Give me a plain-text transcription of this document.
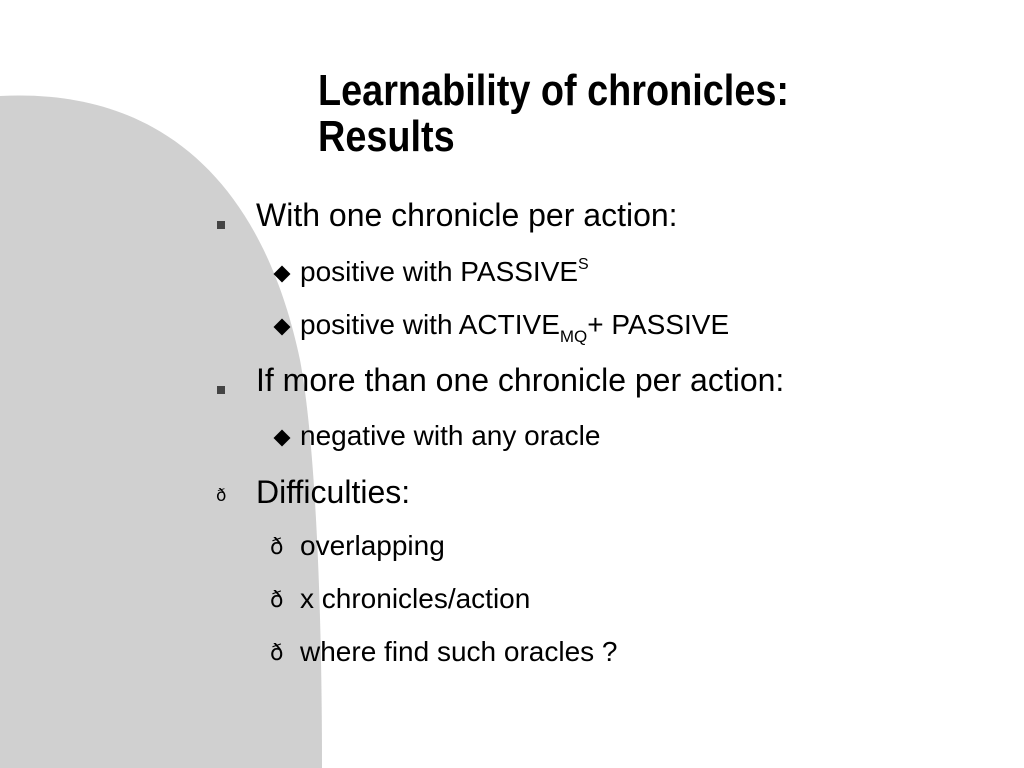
Learnability of chronicles:
Results
With one chronicle per action:
positive with $PASSIVE^S$
positive with $ACTIVE_{MQ}+$ PASSIVE
If more than one chronicle per action:
negative with any oracle
ð Difficulties:
ð overlapping
ð x chronicles/action
ð where find such oracles ?
